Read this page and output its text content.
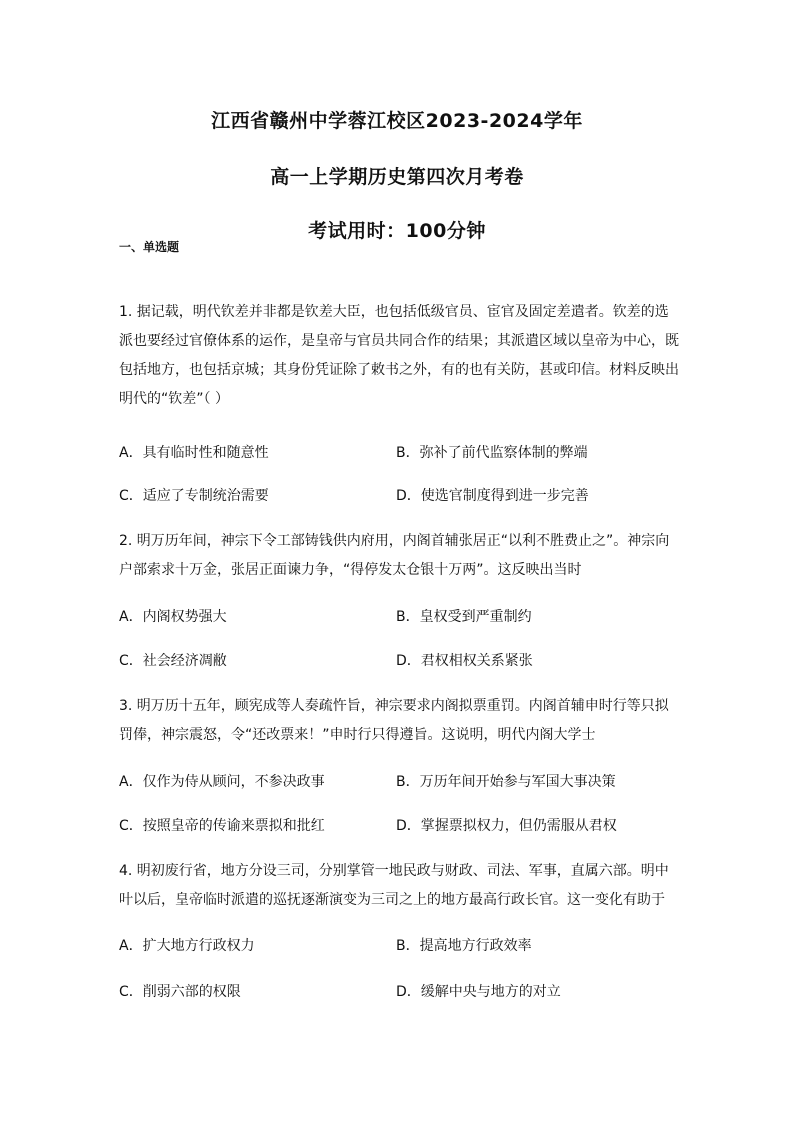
江西省赣州中学蓉江校区2023-2024学年
高一上学期历史第四次月考卷
考试用时：100分钟
一、单选题
1. 据记载，明代钦差并非都是钦差大臣，也包括低级官员、宦官及固定差遣者。钦差的选派也要经过官僚体系的运作，是皇帝与官员共同合作的结果；其派遣区域以皇帝为中心，既包括地方，也包括京城；其身份凭证除了敕书之外，有的也有关防，甚或印信。材料反映出明代的“钦差”（ ）
A．具有临时性和随意性	B．弥补了前代监察体制的弊端
C．适应了专制统治需要	D．使选官制度得到进一步完善
2. 明万历年间，神宗下令工部铸钱供内府用，内阁首辅张居正“以利不胜费止之”。神宗向户部索求十万金，张居正面谏力争，“得停发太仓银十万两”。这反映出当时
A．内阁权势强大	B．皇权受到严重制约
C．社会经济凋敝	D．君权相权关系紧张
3. 明万历十五年，顾宪成等人奏疏忤旨，神宗要求内阁拟票重罚。内阁首辅申时行等只拟罚俸，神宗震怒，令“还改票来！”申时行只得遵旨。这说明，明代内阁大学士
A．仅作为侍从顾问，不参决政事	B．万历年间开始参与军国大事决策
C．按照皇帝的传谕来票拟和批红	D．掌握票拟权力，但仍需服从君权
4. 明初废行省，地方分设三司，分别掌管一地民政与财政、司法、军事，直属六部。明中叶以后，皇帝临时派遣的巡抚逐渐演变为三司之上的地方最高行政长官。这一变化有助于
A．扩大地方行政权力	B．提高地方行政效率
C．削弱六部的权限	D．缓解中央与地方的对立
